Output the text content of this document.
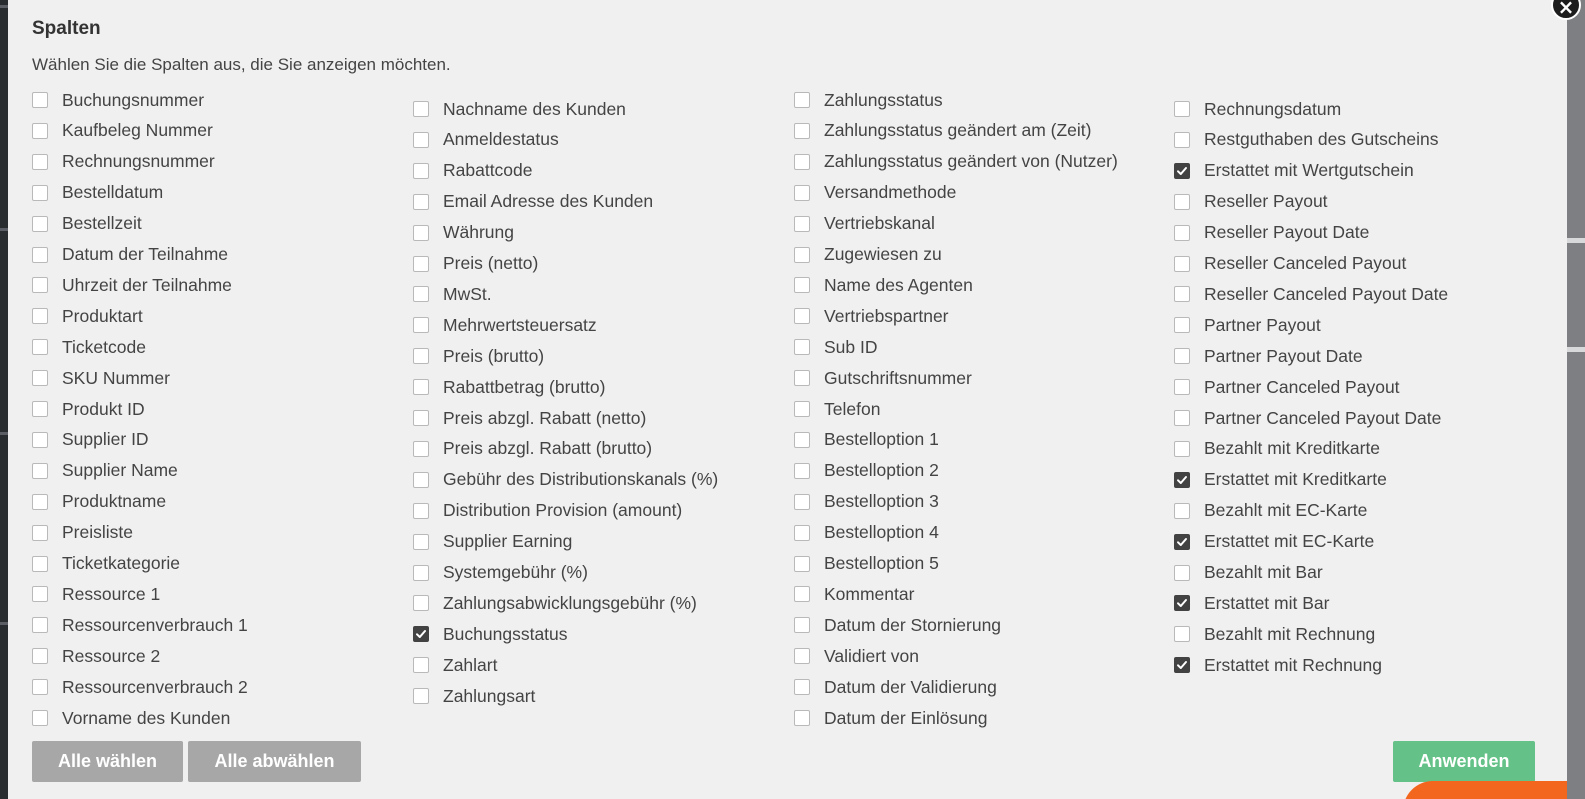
Spalten
Wählen Sie die Spalten aus, die Sie anzeigen möchten.
Buchungsnummer
Kaufbeleg Nummer
Rechnungsnummer
Bestelldatum
Bestellzeit
Datum der Teilnahme
Uhrzeit der Teilnahme
Produktart
Ticketcode
SKU Nummer
Produkt ID
Supplier ID
Supplier Name
Produktname
Preisliste
Ticketkategorie
Ressource 1
Ressourcenverbrauch 1
Ressource 2
Ressourcenverbrauch 2
Vorname des Kunden
Nachname des Kunden
Anmeldestatus
Rabattcode
Email Adresse des Kunden
Währung
Preis (netto)
MwSt.
Mehrwertsteuersatz
Preis (brutto)
Rabattbetrag (brutto)
Preis abzgl. Rabatt (netto)
Preis abzgl. Rabatt (brutto)
Gebühr des Distributionskanals (%)
Distribution Provision (amount)
Supplier Earning
Systemgebühr (%)
Zahlungsabwicklungsgebühr (%)
Buchungsstatus
Zahlart
Zahlungsart
Zahlungsstatus
Zahlungsstatus geändert am (Zeit)
Zahlungsstatus geändert von (Nutzer)
Versandmethode
Vertriebskanal
Zugewiesen zu
Name des Agenten
Vertriebspartner
Sub ID
Gutschriftsnummer
Telefon
Bestelloption 1
Bestelloption 2
Bestelloption 3
Bestelloption 4
Bestelloption 5
Kommentar
Datum der Stornierung
Validiert von
Datum der Validierung
Datum der Einlösung
Rechnungsdatum
Restguthaben des Gutscheins
Erstattet mit Wertgutschein
Reseller Payout
Reseller Payout Date
Reseller Canceled Payout
Reseller Canceled Payout Date
Partner Payout
Partner Payout Date
Partner Canceled Payout
Partner Canceled Payout Date
Bezahlt mit Kreditkarte
Erstattet mit Kreditkarte
Bezahlt mit EC-Karte
Erstattet mit EC-Karte
Bezahlt mit Bar
Erstattet mit Bar
Bezahlt mit Rechnung
Erstattet mit Rechnung
Alle wählen	Alle abwählen	Anwenden
×
